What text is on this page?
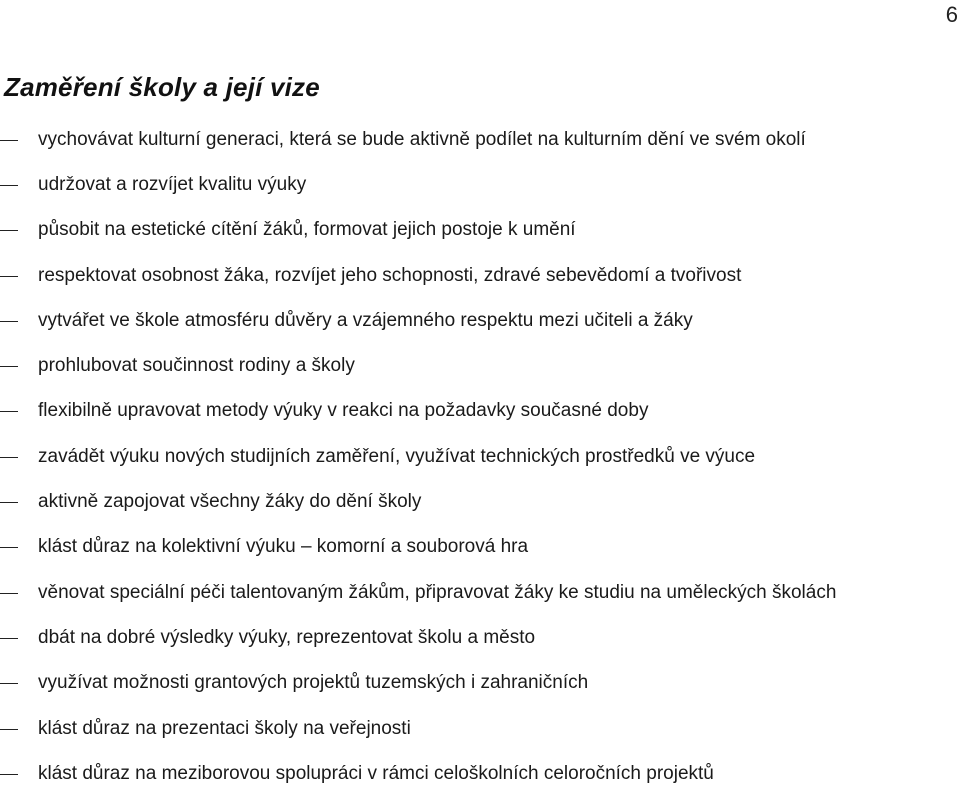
6
Zaměření školy a její vize
vychovávat kulturní generaci, která se bude aktivně podílet na kulturním dění ve svém okolí
udržovat a rozvíjet kvalitu výuky
působit na estetické cítění žáků, formovat jejich postoje k umění
respektovat osobnost žáka, rozvíjet jeho schopnosti, zdravé sebevědomí a tvořivost
vytvářet ve škole atmosféru důvěry a vzájemného respektu mezi učiteli a žáky
prohlubovat součinnost rodiny a školy
flexibilně upravovat metody výuky v reakci na požadavky současné doby
zavádět výuku nových studijních zaměření, využívat technických prostředků ve výuce
aktivně zapojovat všechny žáky do dění školy
klást důraz na kolektivní výuku – komorní a souborová hra
věnovat speciální péči talentovaným žákům, připravovat žáky ke studiu na uměleckých školách
dbát na dobré výsledky výuky, reprezentovat školu a město
využívat možnosti grantových projektů tuzemských i zahraničních
klást důraz na prezentaci školy na veřejnosti
klást důraz na meziborovou spolupráci v rámci celoškolních celoročních projektů
